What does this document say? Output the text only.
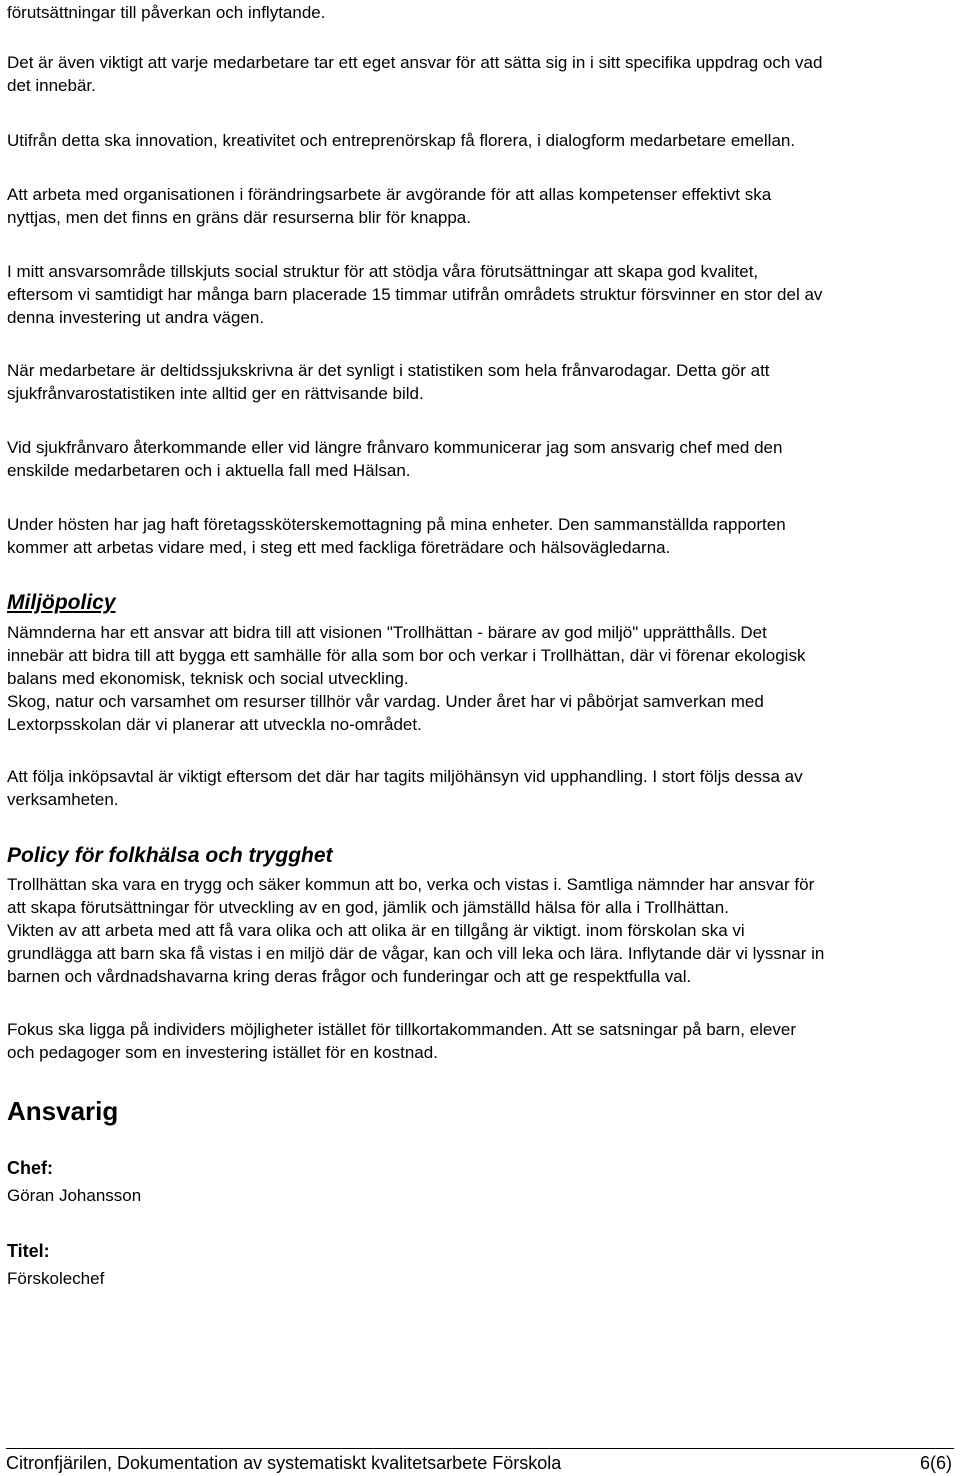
förutsättningar till påverkan och inflytande.
Det är även viktigt att varje medarbetare tar ett eget ansvar för att sätta sig in i sitt specifika uppdrag och vad
det innebär.
Utifrån detta ska innovation, kreativitet och entreprenörskap få florera, i dialogform medarbetare emellan.
Att arbeta med organisationen i förändringsarbete är avgörande för att allas kompetenser effektivt ska
nyttjas, men det finns en gräns där resurserna blir för knappa.
I mitt ansvarsområde tillskjuts social struktur för att stödja våra förutsättningar att skapa god kvalitet,
eftersom vi samtidigt har många barn placerade 15 timmar utifrån områdets struktur försvinner en stor del av
denna investering ut andra vägen.
När medarbetare är deltidssjukskrivna är det synligt i statistiken som hela frånvarodagar. Detta gör att
sjukfrånvarostatistiken inte alltid ger en rättvisande bild.
Vid sjukfrånvaro återkommande eller vid längre frånvaro kommunicerar jag som ansvarig chef med den
enskilde medarbetaren och i aktuella fall med Hälsan.
Under hösten har jag haft företagssköterskemottagning på mina enheter. Den sammanställda rapporten
kommer att arbetas vidare med, i steg ett med fackliga företrädare och hälsovägledarna.
Miljöpolicy
Nämnderna har ett ansvar att bidra till att visionen "Trollhättan - bärare av god miljö" upprätthålls. Det
innebär att bidra till att bygga ett samhälle för alla som bor och verkar i Trollhättan, där vi förenar ekologisk
balans med ekonomisk, teknisk och social utveckling.
Skog, natur och varsamhet om resurser tillhör vår vardag. Under året har vi påbörjat samverkan med
Lextorpsskolan där vi planerar att utveckla no-området.
Att följa inköpsavtal är viktigt eftersom det där har tagits miljöhänsyn vid upphandling. I stort följs dessa av
verksamheten.
Policy för folkhälsa och trygghet
Trollhättan ska vara en trygg och säker kommun att bo, verka och vistas i. Samtliga nämnder har ansvar för
att skapa förutsättningar för utveckling av en god, jämlik och jämställd hälsa för alla i Trollhättan.
Vikten av att arbeta med att få vara olika och att olika är en tillgång är viktigt. inom förskolan ska vi
grundlägga att barn ska få vistas i en miljö där de vågar, kan och vill leka och lära. Inflytande där vi lyssnar in
barnen och vårdnadshavarna kring deras frågor och funderingar och att ge respektfulla val.
Fokus ska ligga på individers möjligheter istället för tillkortakommanden. Att se satsningar på barn, elever
och pedagoger som en investering istället för en kostnad.
Ansvarig
Chef:
Göran Johansson
Titel:
Förskolechef
Citronfjärilen, Dokumentation av systematiskt kvalitetsarbete Förskola	6(6)
